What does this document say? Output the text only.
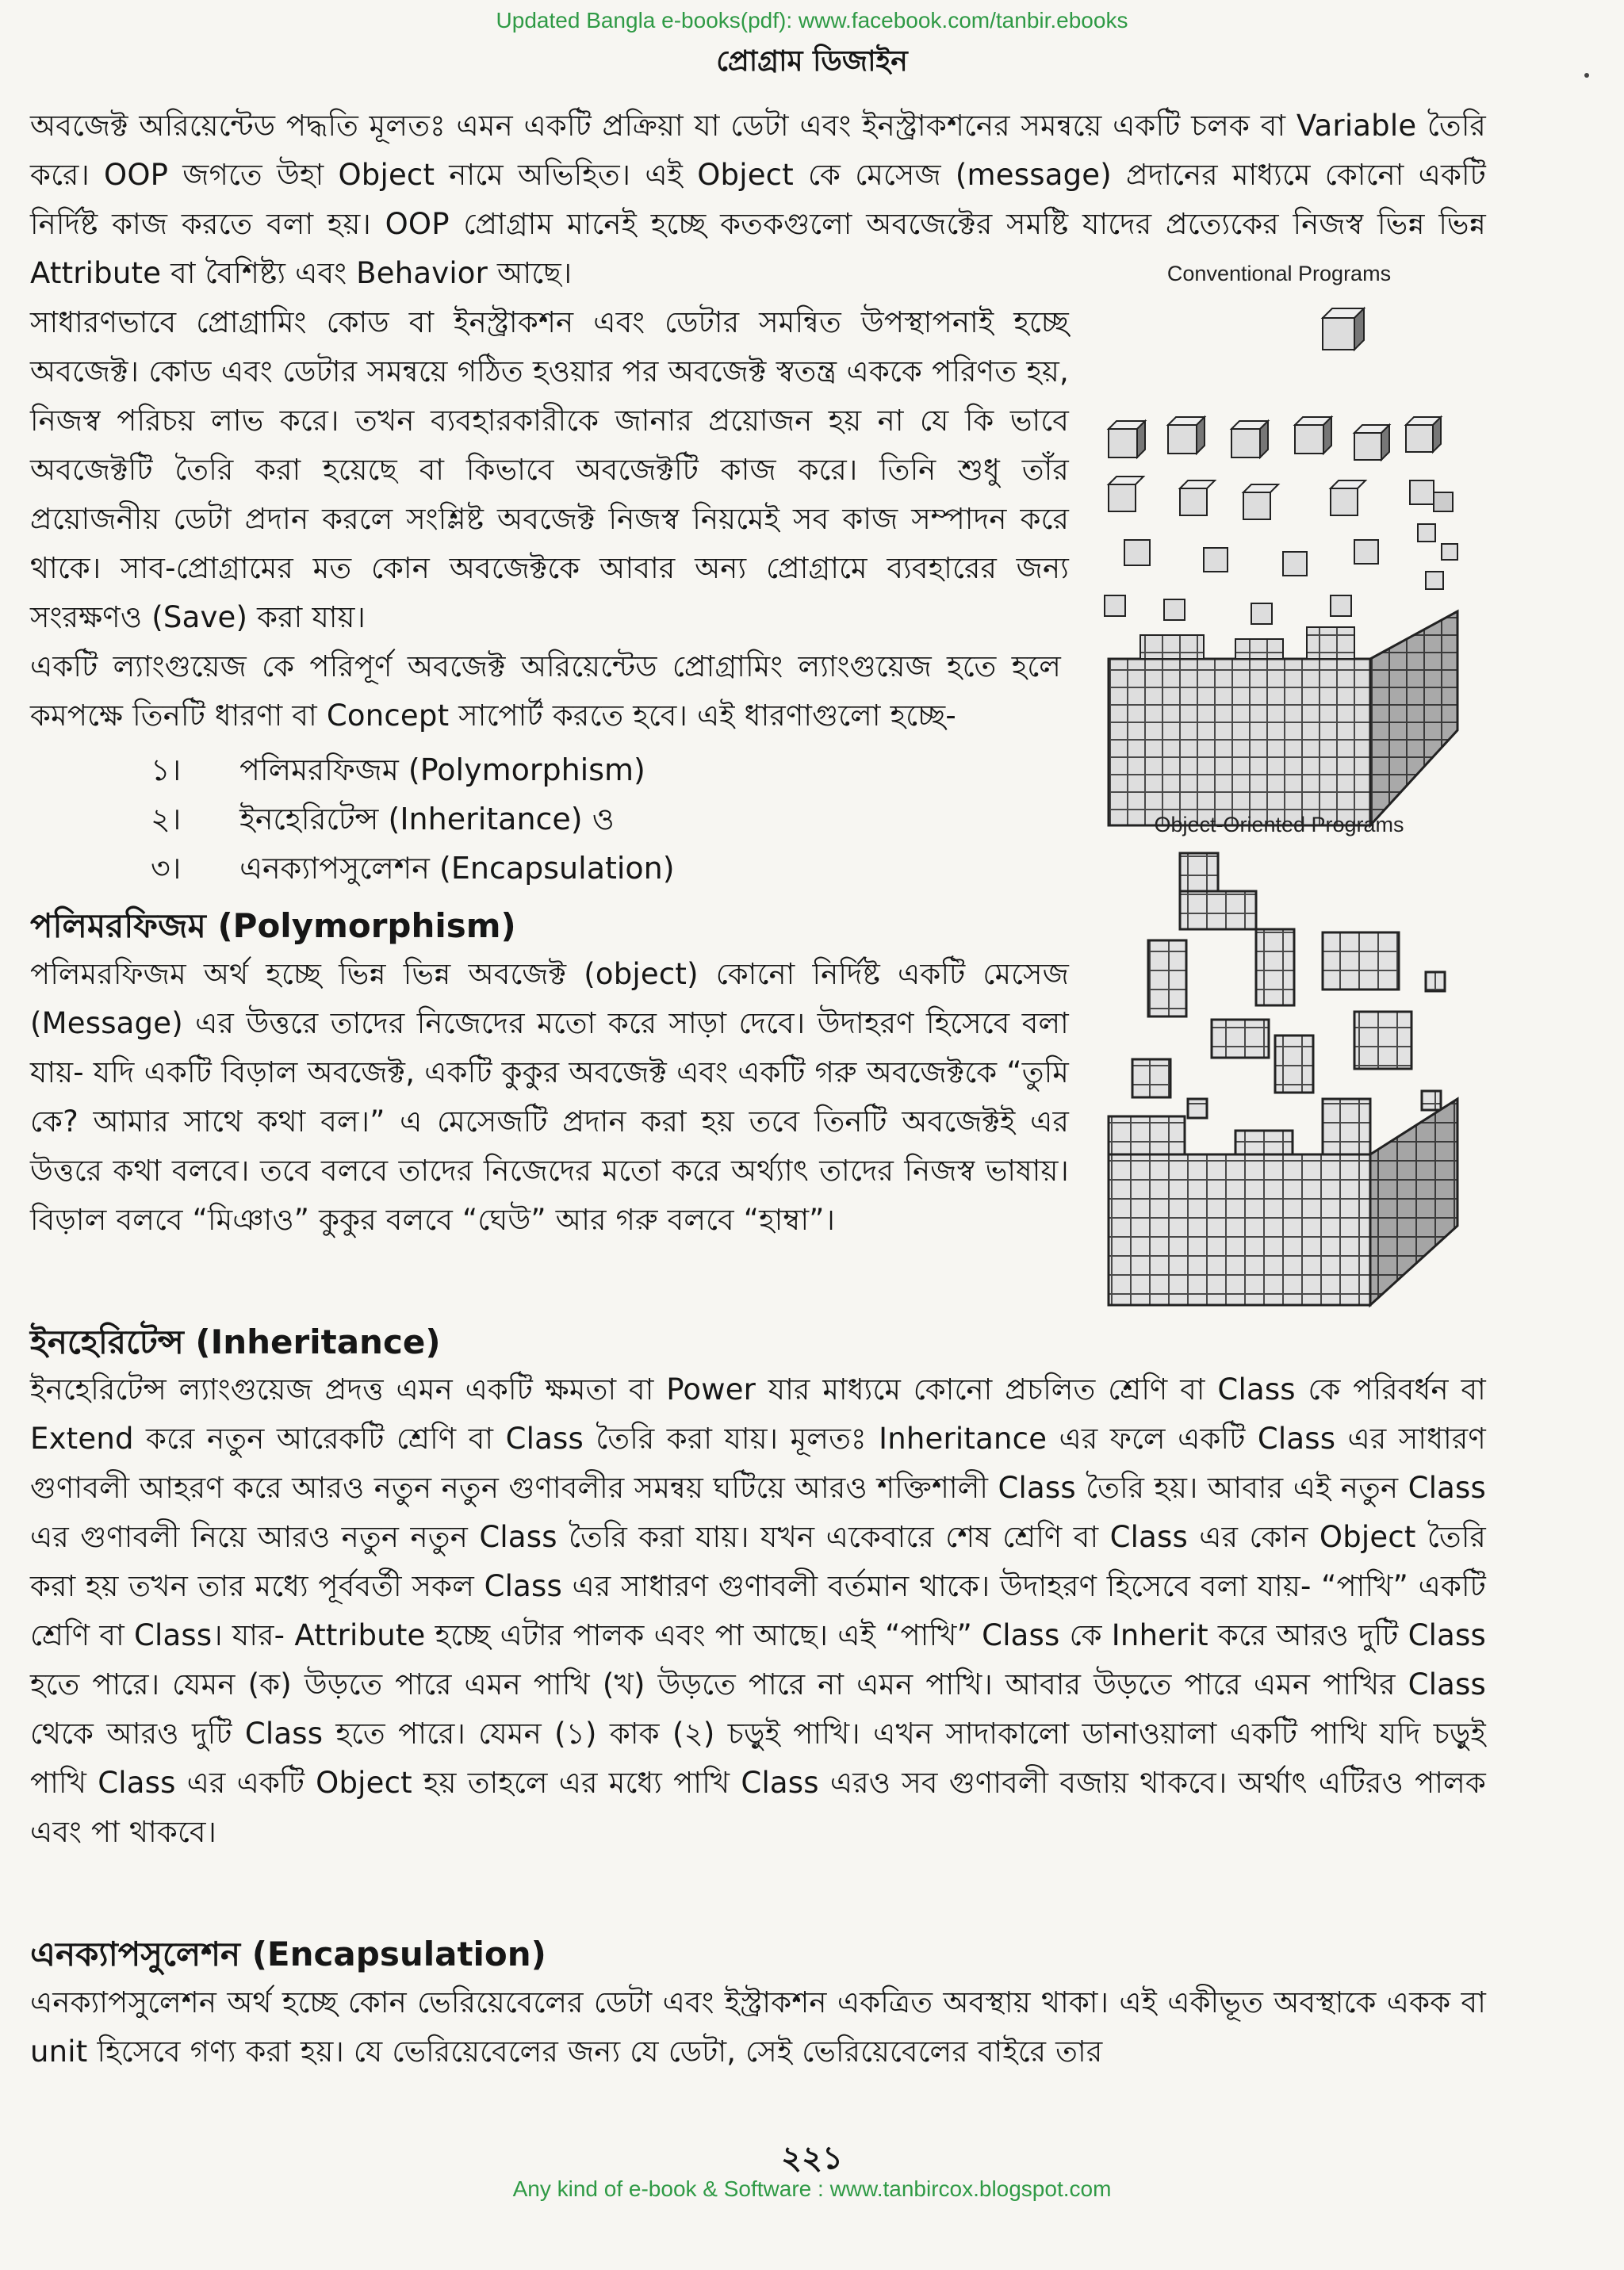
Updated Bangla e-books(pdf): www.facebook.com/tanbir.ebooks
প্রোগ্রাম ডিজাইন
অবজেক্ট অরিয়েন্টেড পদ্ধতি মূলতঃ এমন একটি প্রক্রিয়া যা ডেটা এবং ইনস্ট্রাকশনের সমন্বয়ে একটি চলক বা Variable তৈরি করে। OOP জগতে উহা Object নামে অভিহিত। এই Object কে মেসেজ (message) প্রদানের মাধ্যমে কোনো একটি নির্দিষ্ট কাজ করতে বলা হয়। OOP প্রোগ্রাম মানেই হচ্ছে কতকগুলো অবজেক্টের সমষ্টি যাদের প্রত্যেকের নিজস্ব ভিন্ন ভিন্ন Attribute বা বৈশিষ্ট্য এবং Behavior আছে।
সাধারণভাবে প্রোগ্রামিং কোড বা ইনস্ট্রাকশন এবং ডেটার সমন্বিত উপস্থাপনাই হচ্ছে অবজেক্ট। কোড এবং ডেটার সমন্বয়ে গঠিত হওয়ার পর অবজেক্ট স্বতন্ত্র এককে পরিণত হয়, নিজস্ব পরিচয় লাভ করে। তখন ব্যবহারকারীকে জানার প্রয়োজন হয় না যে কি ভাবে অবজেক্টটি তৈরি করা হয়েছে বা কিভাবে অবজেক্টটি কাজ করে। তিনি শুধু তাঁর প্রয়োজনীয় ডেটা প্রদান করলে সংশ্লিষ্ট অবজেক্ট নিজস্ব নিয়মেই সব কাজ সম্পাদন করে থাকে। সাব-প্রোগ্রামের মত কোন অবজেক্টকে আবার অন্য প্রোগ্রামে ব্যবহারের জন্য সংরক্ষণও (Save) করা যায়।
একটি ল্যাংগুয়েজ কে পরিপূর্ণ অবজেক্ট অরিয়েন্টেড প্রোগ্রামিং ল্যাংগুয়েজ হতে হলে কমপক্ষে তিনটি ধারণা বা Concept সাপোর্ট করতে হবে। এই ধারণাগুলো হচ্ছে-
১। পলিমরফিজম (Polymorphism)
২। ইনহেরিটেন্স (Inheritance) ও
৩। এনক্যাপসুলেশন (Encapsulation)
পলিমরফিজম (Polymorphism)
পলিমরফিজম অর্থ হচ্ছে ভিন্ন ভিন্ন অবজেক্ট (object) কোনো নির্দিষ্ট একটি মেসেজ (Message) এর উত্তরে তাদের নিজেদের মতো করে সাড়া দেবে। উদাহরণ হিসেবে বলা যায়- যদি একটি বিড়াল অবজেক্ট, একটি কুকুর অবজেক্ট এবং একটি গরু অবজেক্টকে “তুমি কে? আমার সাথে কথা বল।” এ মেসেজটি প্রদান করা হয় তবে তিনটি অবজেক্টই এর উত্তরে কথা বলবে। তবে বলবে তাদের নিজেদের মতো করে অর্থ্যাৎ তাদের নিজস্ব ভাষায়। বিড়াল বলবে “মিঞাও” কুকুর বলবে “ঘেউ” আর গরু বলবে “হাম্বা”।
ইনহেরিটেন্স (Inheritance)
ইনহেরিটেন্স ল্যাংগুয়েজ প্রদত্ত এমন একটি ক্ষমতা বা Power যার মাধ্যমে কোনো প্রচলিত শ্রেণি বা Class কে পরিবর্ধন বা Extend করে নতুন আরেকটি শ্রেণি বা Class তৈরি করা যায়। মূলতঃ Inheritance এর ফলে একটি Class এর সাধারণ গুণাবলী আহরণ করে আরও নতুন নতুন গুণাবলীর সমন্বয় ঘটিয়ে আরও শক্তিশালী Class তৈরি হয়। আবার এই নতুন Class এর গুণাবলী নিয়ে আরও নতুন নতুন Class তৈরি করা যায়। যখন একেবারে শেষ শ্রেণি বা Class এর কোন Object তৈরি করা হয় তখন তার মধ্যে পূর্ববর্তী সকল Class এর সাধারণ গুণাবলী বর্তমান থাকে। উদাহরণ হিসেবে বলা যায়- “পাখি” একটি শ্রেণি বা Class। যার- Attribute হচ্ছে এটার পালক এবং পা আছে। এই “পাখি” Class কে Inherit করে আরও দুটি Class হতে পারে। যেমন (ক) উড়তে পারে এমন পাখি (খ) উড়তে পারে না এমন পাখি। আবার উড়তে পারে এমন পাখির Class থেকে আরও দুটি Class হতে পারে। যেমন (১) কাক (২) চড়ুই পাখি। এখন সাদাকালো ডানাওয়ালা একটি পাখি যদি চড়ুই পাখি Class এর একটি Object হয় তাহলে এর মধ্যে পাখি Class এরও সব গুণাবলী বজায় থাকবে। অর্থাৎ এটিরও পালক এবং পা থাকবে।
এনক্যাপসুলেশন (Encapsulation)
এনক্যাপসুলেশন অর্থ হচ্ছে কোন ভেরিয়েবেলের ডেটা এবং ইস্ট্রাকশন একত্রিত অবস্থায় থাকা। এই একীভূত অবস্থাকে একক বা unit হিসেবে গণ্য করা হয়। যে ভেরিয়েবেলের জন্য যে ডেটা, সেই ভেরিয়েবেলের বাইরে তার
Conventional Programs
Object-Oriented Programs
২২১
Any kind of e-book & Software : www.tanbircox.blogspot.com
